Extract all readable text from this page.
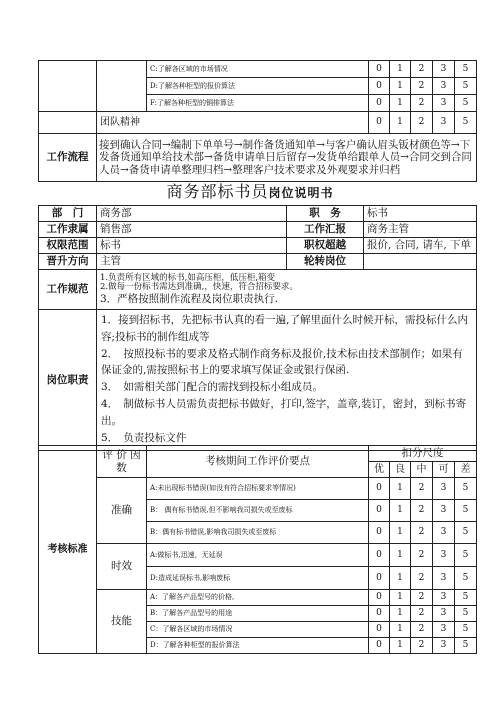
		C:了解各区域的市场情况	0	1	2	3	5
		D:了解各种柜型的报价算法	0	1	2	3	5
		F:了解各种柜型的铜排算法	0	1	2	3	5
	团队精神		0	1	2	3	5
工作流程	接到确认合同→编制下单单号→制作备货通知单→与客户确认眉头钣材颜色等→下
发备货通知单给技术部→备货申请单日后留存→发货单给跟单人员→合同交到合同
人员→备货申请单整理归档→整理客户技术要求及外观要求并归档						
商务部标书员岗位说明书
部　门	商务部	职　务	标书
工作隶属	销售部	工作汇报	商务主管
权限范围	标书	职权超越	报价, 合同, 请车, 下单
晋升方向	主管	轮转岗位	
工作规范	1.负责所有区域的标书,如高压柜，低压柜,箱变
2.做每一份标书需达到准确,，快速，符合招标要求。
3．严格按照制作流程及岗位职责执行.		

岗位职责	1．接到招标书，先把标书认真的看一遍,了解里面什么时候开标，需投标什么内容;投标书的制作组成等

2．　按照投标书的要求及格式制作商务标及报价,技术标由技术部制作；如果有保证金的,需按照标书上的要求填写保证金或银行保函.

3．　如需相关部门配合的需找到投标小组成员。

4．　制做标书人员需负责把标书做好，打印,签字，盖章,装订，密封，到标书寄出。

5．　负责投标文件		

考核标准	评 价 因 数	考核期间工作评价要点	扣分尺度				
			优	良	中	可	差
	准确	A:未出现标书错误(如没有符合招标要求等情况)	0	1	2	3	5
		B： 偶有标书错误,但不影响我司损失或至废标	0	1	2	3	5
		B：偶有标书错误,影响我司损失或至废标	0	1	2	3	5
	时效	A:做标书,迅速，无延误	0	1	2	3	5
		D:造成延误标书,影响废标	0	1	2	3	5
	技能	A：了解各产品型号的价格,	0	1	2	3	5
		B：了解各产品型号的用途	0	1	2	3	5
		C：了解各区域的市场情况	0	1	2	3	5
		D：了解各种柜型的报价算法	0	1	2	3	5
